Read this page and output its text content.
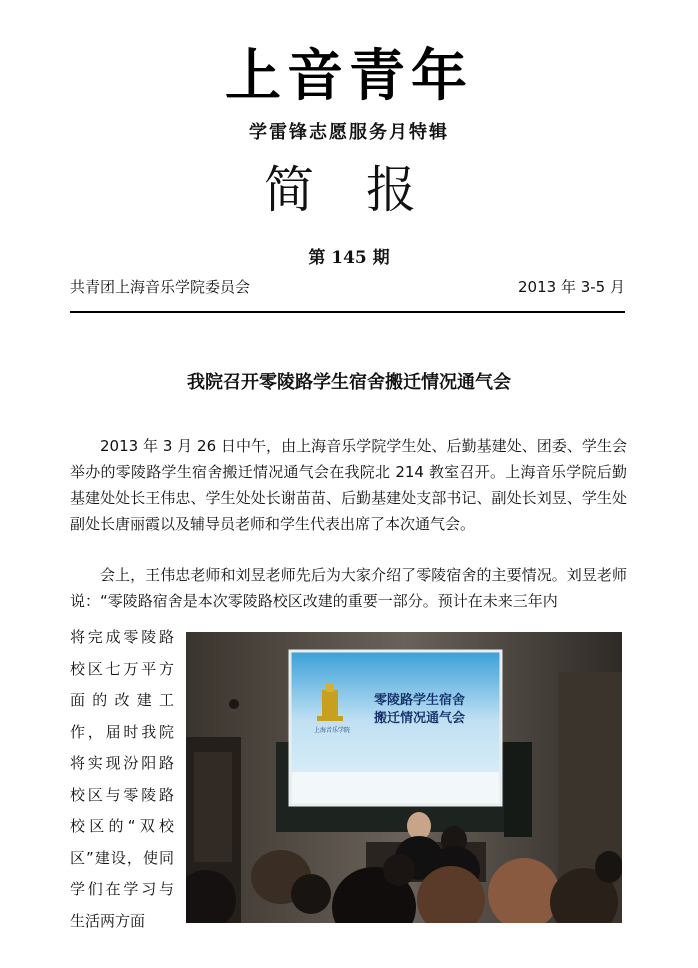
上音青年
学雷锋志愿服务月特辑
简 报
第 145 期
共青团上海音乐学院委员会	2013 年 3-5 月
我院召开零陵路学生宿舍搬迁情况通气会

2013 年 3 月 26 日中午，由上海音乐学院学生处、后勤基建处、团委、学生会举办的零陵路学生宿舍搬迁情况通气会在我院北 214 教室召开。上海音乐学院后勤基建处处长王伟忠、学生处处长谢苗苗、后勤基建处支部书记、副处长刘昱、学生处副处长唐丽霞以及辅导员老师和学生代表出席了本次通气会。

会上，王伟忠老师和刘昱老师先后为大家介绍了零陵宿舍的主要情况。刘昱老师说：“零陵路宿舍是本次零陵路校区改建的重要一部分。预计在未来三年内

将完成零陵路校区七万平方面的改建工作，届时我院将实现汾阳路校区与零陵路校区的“双校区”建设，使同学们在学习与生活两方面

上海音乐学院
零陵路学生宿舍
搬迁情况通气会
